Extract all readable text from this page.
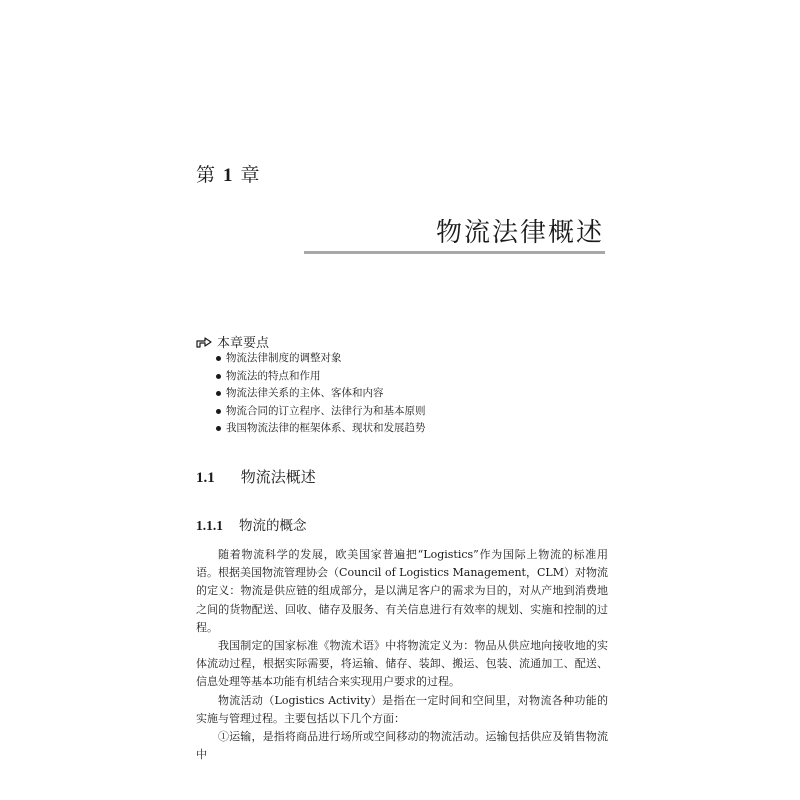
第 1 章
物流法律概述
本章要点
物流法律制度的调整对象
物流法的特点和作用
物流法律关系的主体、客体和内容
物流合同的订立程序、法律行为和基本原则
我国物流法律的框架体系、现状和发展趋势
1.1 物流法概述
1.1.1 物流的概念

随着物流科学的发展，欧美国家普遍把“Logistics”作为国际上物流的标准用语。根据美国物流管理协会（Council of Logistics Management，CLM）对物流的定义：物流是供应链的组成部分，是以满足客户的需求为目的，对从产地到消费地之间的货物配送、回收、储存及服务、有关信息进行有效率的规划、实施和控制的过程。

我国制定的国家标准《物流术语》中将物流定义为：物品从供应地向接收地的实体流动过程，根据实际需要，将运输、储存、装卸、搬运、包装、流通加工、配送、信息处理等基本功能有机结合来实现用户要求的过程。

物流活动（Logistics Activity）是指在一定时间和空间里，对物流各种功能的实施与管理过程。主要包括以下几个方面：

①运输，是指将商品进行场所或空间移动的物流活动。运输包括供应及销售物流中
